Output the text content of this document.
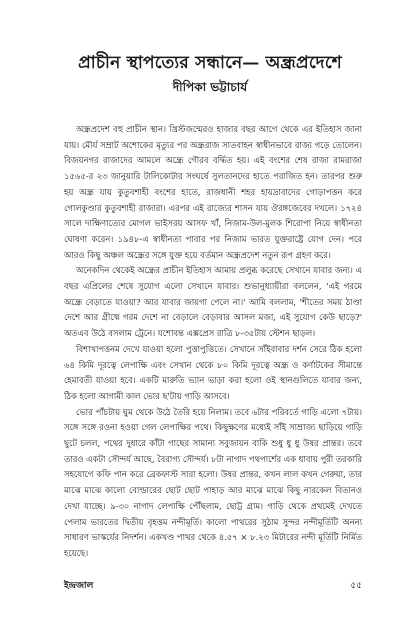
প্রাচীন স্থাপত্যের সন্ধানে— অন্ধ্রপ্রদেশে
দীপিকা ভট্টাচার্য

অন্ধ্রপ্রদেশ বহু প্রাচীন স্থান। খ্রিস্টজন্মেরও হাজার বছর আগে থেকে এর ইতিহাস জানা যায়। মৌর্য সম্রাট অশোকের মৃত্যুর পর অন্ধ্ররাজ সাতবাহন স্বাধীনভাবে রাজ্য গড়ে তোলেন। বিজয়নগর রাজাদের আমলে অন্ধ্রে গৌরব বর্দ্ধিত হয়। এই বংশের শেষ রাজা রামরাজা ১৫৬৫-র ২৩ জানুয়ারি টালিকোটার সংঘর্ষে সুলতানদের হাতে পরাজিত হন। তারপর শুরু হয় অন্ধ্র যায় কুতুবশাহী বংশের হাতে, রাজধানী শহর হায়দ্রাবাদের গোড়াপত্তন করে গোলকুণ্ডার কুতুবশাহী রাজারা। এরপর এই রাজ্যের শাসন যায় ঔরঙ্গজেবের দখলে। ১৭২৪ সালে দাক্ষিণাত্যের মোগল ভাইসরয় আসফ খাঁ, নিজাম-উল-মুলক শিরোপা নিয়ে স্বাধীনতা ঘোষণা করেন। ১৯৪৮-এ স্বাধীনতা পাবার পর নিজাম ভারত যুক্তরাষ্ট্রে যোগ দেন। পরে আরও কিছু অঞ্চল অন্ধ্রের সঙ্গে যুক্ত হয়ে বর্তমান অন্ধ্রপ্রদেশ নতুন রূপ গ্রহণ করে।

অনেকদিন থেকেই অন্ধ্রের প্রাচীন ইতিহাস আমায় প্রলুব্ধ করেছে সেখানে যাবার জন্য। এ বছর এপ্রিলের শেষে সুযোগ এলো সেখানে যাবার। শুভানুধ্যায়ীরা বললেন, 'এই গরমে অন্ধ্রে বেড়াতে যাওয়া? আর যাবার জায়গা পেলে না।' আমি বললাম, 'শীতের সময় ঠাণ্ডা দেশে আর গ্রীষ্মে গরম দেশে না বেড়ালে বেড়াবার আসল মজা, এই সুযোগ কেউ ছাড়ে?' অতএব উঠে বসলাম ট্রেনে। যশোবন্ত এক্সপ্রেস রাত্রি ৮-৩৫টায় স্টেশন ছাড়ল।

বিশাখাপত্তনম দেখে যাওয়া হলো পুত্তাপুত্তিতে। সেখানে সাঁইবাবার দর্শন সেরে ঠিক হলো ৬৪ কিমি দূরত্বে লেপাক্ষি এবং সেখান থেকে ৮০ কিমি দূরত্বে অন্ধ্র ও কর্ণাটকের সীমান্তে হেমাবতী যাওয়া হবে। একটি মারুতি ভ্যান ভাড়া করা হলো ওই স্থানগুলিতে যাবার জন্য, ঠিক হলো আগামী কাল ভোর ছ'টায় গাড়ি আসবে।

ভোর পাঁচটায় ঘুম থেকে উঠে তৈরি হয়ে নিলাম। তবে ৬টার পরিবর্তে গাড়ি এলো ৭টায়। সঙ্গে সঙ্গে রওনা হওয়া গেল লেপাক্ষির পথে। কিছুক্ষণের মধ্যেই সাঁই সাম্রাজ্য ছাড়িয়ে গাড়ি ছুটে চলল, পথের দুধারে কাঁটা গাছের সামান্য সবুজায়ন বাকি শুধু ধু ধু উষর প্রান্তর। তবে তারও একটা সৌন্দর্য আছে, বৈরাগ্য সৌন্দর্য। ৮টা নাগাদ পথপার্শের এক ধাবায় পুরী তরকারি সহযোগে কফি পান করে ব্রেকফাস্ট সারা হলো। উষর প্রান্তর, কখন লাল কখন গেরুয়া, তার মাঝে মাঝে কালো বোল্ডারের ছোট ছোট পাহাড় আর মাঝে মাঝে কিছু নারকেল বিতানও দেখা যাচ্ছে। ৯-৩০ নাগাদ লেপাক্ষি পৌঁছলাম, ছোট্ট গ্রাম। গাড়ি থেকে প্রথমেই দেখতে পেলাম ভারতের দ্বিতীয় বৃহত্তম নন্দীমূর্তি। কালো পাথরের সুঠাম সুন্দর নন্দীমূর্তিটি অনন্য সাধারণ ভাস্কর্যের নিদর্শন। একখণ্ড পাথর থেকে ৪.৫৭ × ৮.২৩ মিটারের নন্দী মূর্তিটি নির্মিত হয়েছে।

ইন্দ্রজাল	৫৫
